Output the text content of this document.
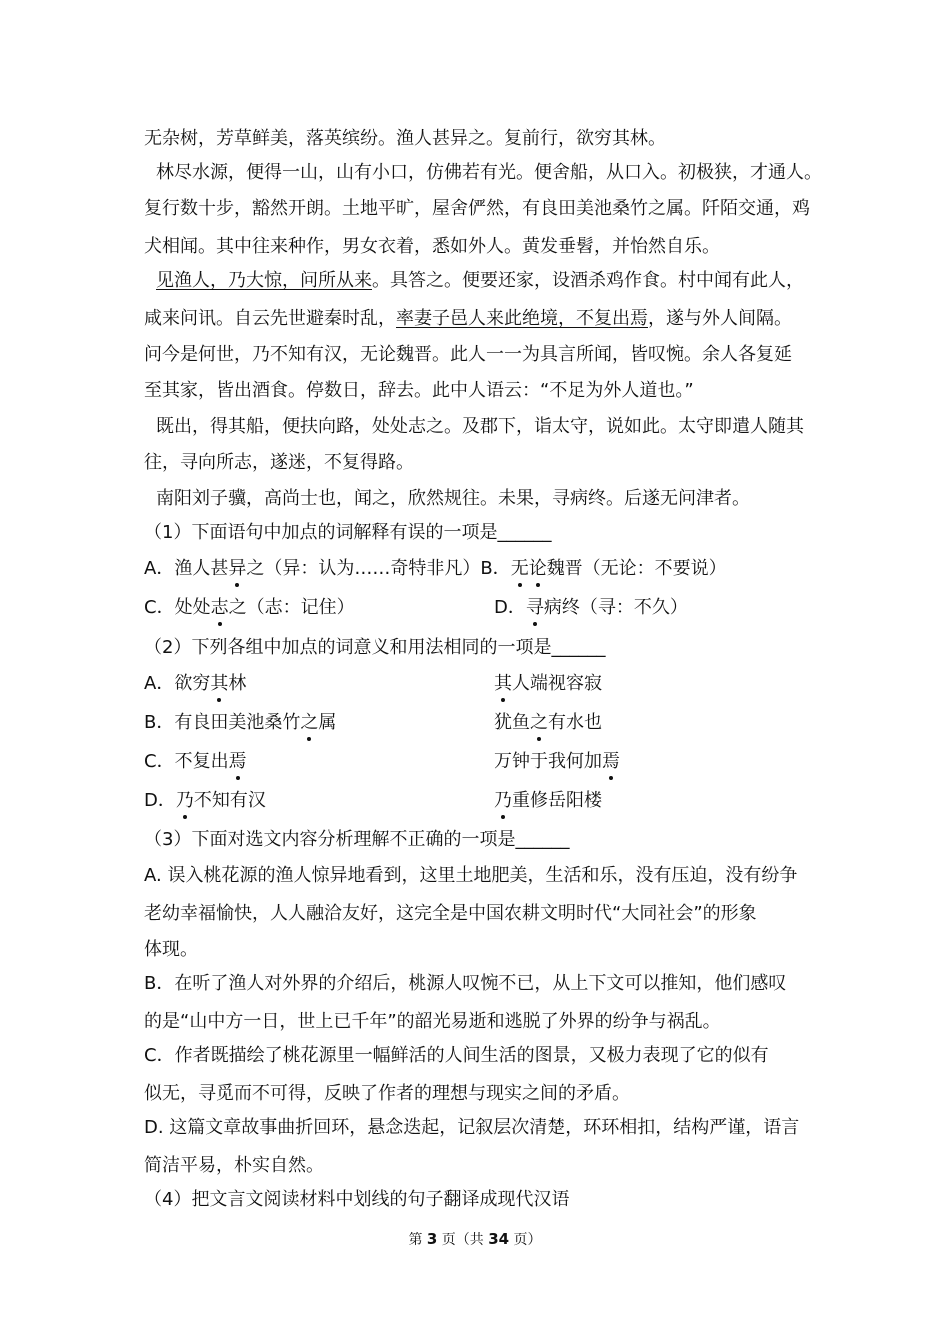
无杂树，芳草鲜美，落英缤纷。渔人甚异之。复前行，欲穷其林。
林尽水源，便得一山，山有小口，仿佛若有光。便舍船，从口入。初极狭，才通人。
复行数十步，豁然开朗。土地平旷，屋舍俨然，有良田美池桑竹之属。阡陌交通，鸡
犬相闻。其中往来种作，男女衣着，悉如外人。黄发垂髫，并怡然自乐。
见渔人，乃大惊，问所从来。具答之。便要还家，设酒杀鸡作食。村中闻有此人，
咸来问讯。自云先世避秦时乱，率妻子邑人来此绝境，不复出焉，遂与外人间隔。
问今是何世，乃不知有汉，无论魏晋。此人一一为具言所闻，皆叹惋。余人各复延
至其家，皆出酒食。停数日，辞去。此中人语云：“不足为外人道也。”
既出，得其船，便扶向路，处处志之。及郡下，诣太守，说如此。太守即遣人随其
往，寻向所志，遂迷，不复得路。
南阳刘子骥，高尚士也，闻之，欣然规往。未果，寻病终。后遂无问津者。
（1）下面语句中加点的词解释有误的一项是______
A．渔人甚异之（异：认为……奇特非凡）B．无论魏晋（无论：不要说）
C．处处志之（志：记住）	D．寻病终（寻：不久）
（2）下列各组中加点的词意义和用法相同的一项是______
A．欲穷其林	其人端视容寂
B．有良田美池桑竹之属	犹鱼之有水也
C．不复出焉	万钟于我何加焉
D．乃不知有汉	乃重修岳阳楼
（3）下面对选文内容分析理解不正确的一项是______
A. 误入桃花源的渔人惊异地看到，这里土地肥美，生活和乐，没有压迫，没有纷争
老幼幸福愉快，人人融洽友好，这完全是中国农耕文明时代“大同社会”的形象
体现。
B．在听了渔人对外界的介绍后，桃源人叹惋不已，从上下文可以推知，他们感叹
的是“山中方一日，世上已千年”的韶光易逝和逃脱了外界的纷争与祸乱。
C．作者既描绘了桃花源里一幅鲜活的人间生活的图景，又极力表现了它的似有
似无，寻觅而不可得，反映了作者的理想与现实之间的矛盾。
D. 这篇文章故事曲折回环，悬念迭起，记叙层次清楚，环环相扣，结构严谨，语言
简洁平易，朴实自然。
（4）把文言文阅读材料中划线的句子翻译成现代汉语
第 3 页（共 34 页）
